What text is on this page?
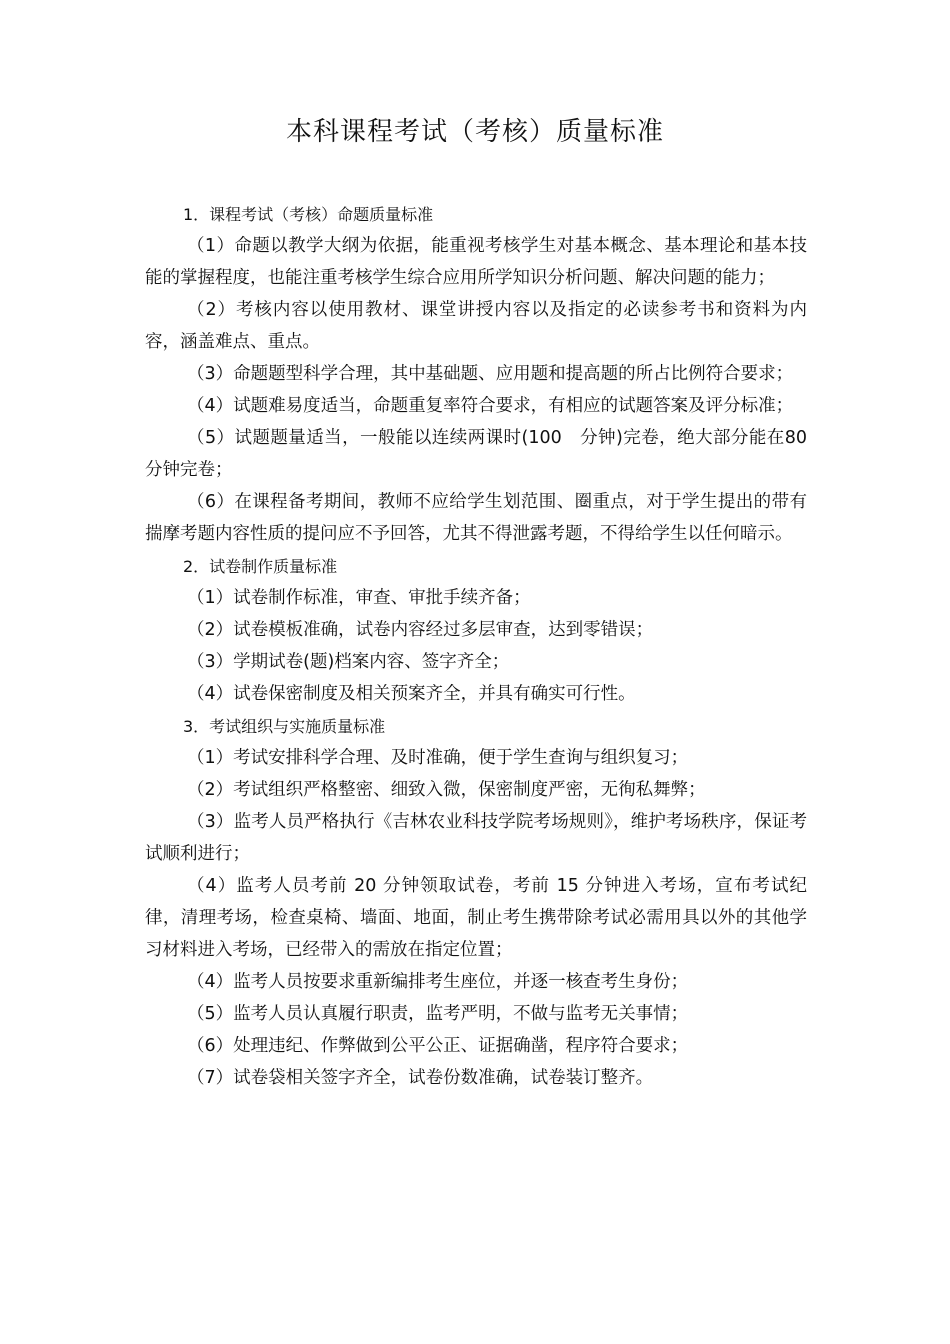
本科课程考试（考核）质量标准

1．课程考试（考核）命题质量标准

（1）命题以教学大纲为依据，能重视考核学生对基本概念、基本理论和基本技能的掌握程度，也能注重考核学生综合应用所学知识分析问题、解决问题的能力；

（2）考核内容以使用教材、课堂讲授内容以及指定的必读参考书和资料为内容，涵盖难点、重点。

（3）命题题型科学合理，其中基础题、应用题和提高题的所占比例符合要求；

（4）试题难易度适当，命题重复率符合要求，有相应的试题答案及评分标准；

（5）试题题量适当，一般能以连续两课时(100　分钟)完卷，绝大部分能在80 分钟完卷；

（6）在课程备考期间，教师不应给学生划范围、圈重点，对于学生提出的带有揣摩考题内容性质的提问应不予回答，尤其不得泄露考题，不得给学生以任何暗示。

2．试卷制作质量标准

（1）试卷制作标准，审查、审批手续齐备；

（2）试卷模板准确，试卷内容经过多层审查，达到零错误；

（3）学期试卷(题)档案内容、签字齐全；

（4）试卷保密制度及相关预案齐全，并具有确实可行性。

3．考试组织与实施质量标准

（1）考试安排科学合理、及时准确，便于学生查询与组织复习；

（2）考试组织严格整密、细致入微，保密制度严密，无徇私舞弊；

（3）监考人员严格执行《吉林农业科技学院考场规则》，维护考场秩序，保证考试顺利进行；

（4）监考人员考前 20 分钟领取试卷，考前 15 分钟进入考场，宣布考试纪律，清理考场，检查桌椅、墙面、地面，制止考生携带除考试必需用具以外的其他学习材料进入考场，已经带入的需放在指定位置；

（4）监考人员按要求重新编排考生座位，并逐一核查考生身份；

（5）监考人员认真履行职责，监考严明，不做与监考无关事情；

（6）处理违纪、作弊做到公平公正、证据确凿，程序符合要求；

（7）试卷袋相关签字齐全，试卷份数准确，试卷装订整齐。
